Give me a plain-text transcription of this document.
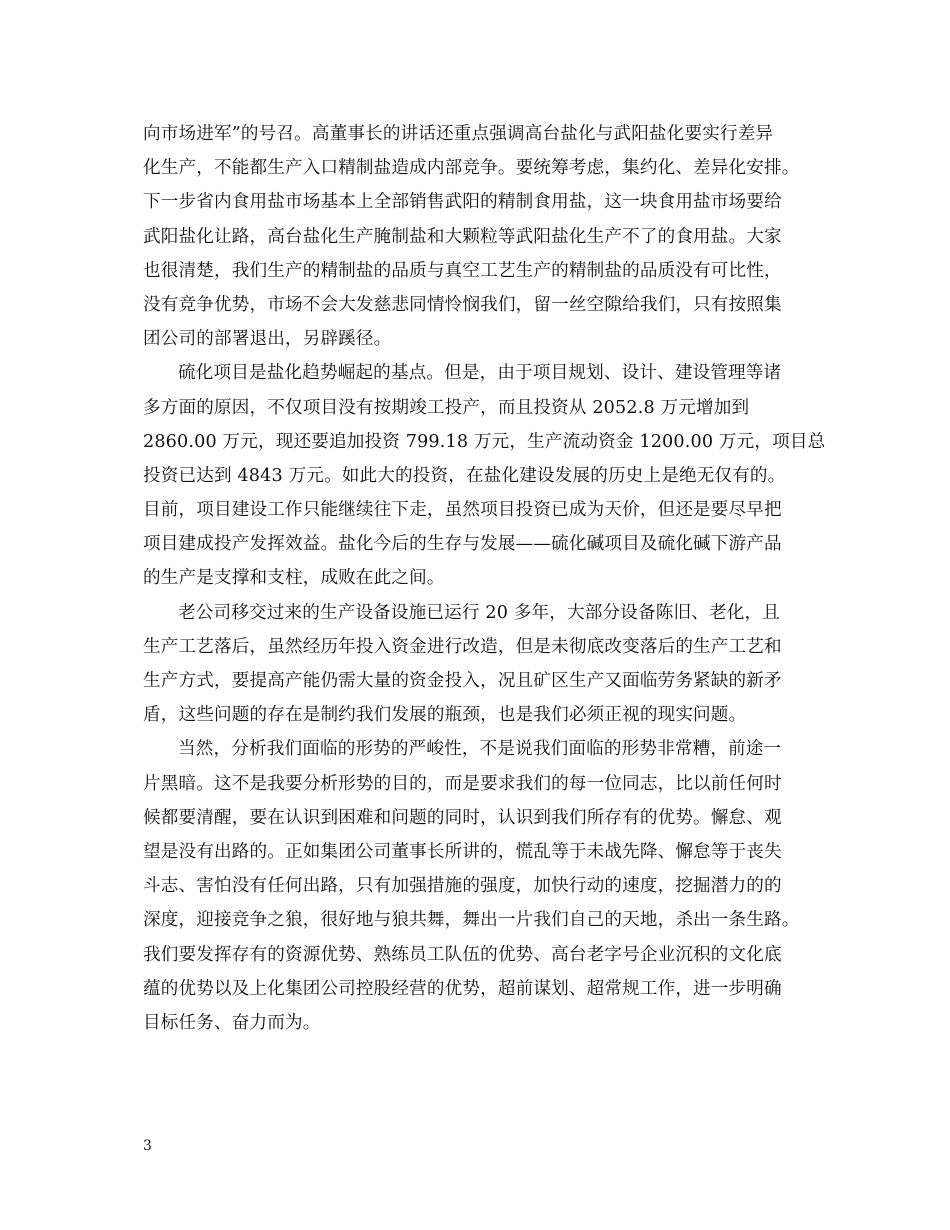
向市场进军”的号召。高董事长的讲话还重点强调高台盐化与武阳盐化要实行差异
化生产，不能都生产入口精制盐造成内部竞争。要统筹考虑，集约化、差异化安排。
下一步省内食用盐市场基本上全部销售武阳的精制食用盐，这一块食用盐市场要给
武阳盐化让路，高台盐化生产腌制盐和大颗粒等武阳盐化生产不了的食用盐。大家
也很清楚，我们生产的精制盐的品质与真空工艺生产的精制盐的品质没有可比性，
没有竞争优势，市场不会大发慈悲同情怜悯我们，留一丝空隙给我们，只有按照集
团公司的部署退出，另辟蹊径。
硫化项目是盐化趋势崛起的基点。但是，由于项目规划、设计、建设管理等诸
多方面的原因，不仅项目没有按期竣工投产，而且投资从 2052.8 万元增加到
2860.00 万元，现还要追加投资 799.18 万元，生产流动资金 1200.00 万元，项目总
投资已达到 4843 万元。如此大的投资，在盐化建设发展的历史上是绝无仅有的。
目前，项目建设工作只能继续往下走，虽然项目投资已成为天价，但还是要尽早把
项目建成投产发挥效益。盐化今后的生存与发展——硫化碱项目及硫化碱下游产品
的生产是支撑和支柱，成败在此之间。
老公司移交过来的生产设备设施已运行 20 多年，大部分设备陈旧、老化，且
生产工艺落后，虽然经历年投入资金进行改造，但是未彻底改变落后的生产工艺和
生产方式，要提高产能仍需大量的资金投入，况且矿区生产又面临劳务紧缺的新矛
盾，这些问题的存在是制约我们发展的瓶颈，也是我们必须正视的现实问题。
当然，分析我们面临的形势的严峻性，不是说我们面临的形势非常糟，前途一
片黑暗。这不是我要分析形势的目的，而是要求我们的每一位同志，比以前任何时
候都要清醒，要在认识到困难和问题的同时，认识到我们所存有的优势。懈怠、观
望是没有出路的。正如集团公司董事长所讲的，慌乱等于未战先降、懈怠等于丧失
斗志、害怕没有任何出路，只有加强措施的强度，加快行动的速度，挖掘潜力的的
深度，迎接竞争之狼，很好地与狼共舞，舞出一片我们自己的天地，杀出一条生路。
我们要发挥存有的资源优势、熟练员工队伍的优势、高台老字号企业沉积的文化底
蕴的优势以及上化集团公司控股经营的优势，超前谋划、超常规工作，进一步明确
目标任务、奋力而为。
3
